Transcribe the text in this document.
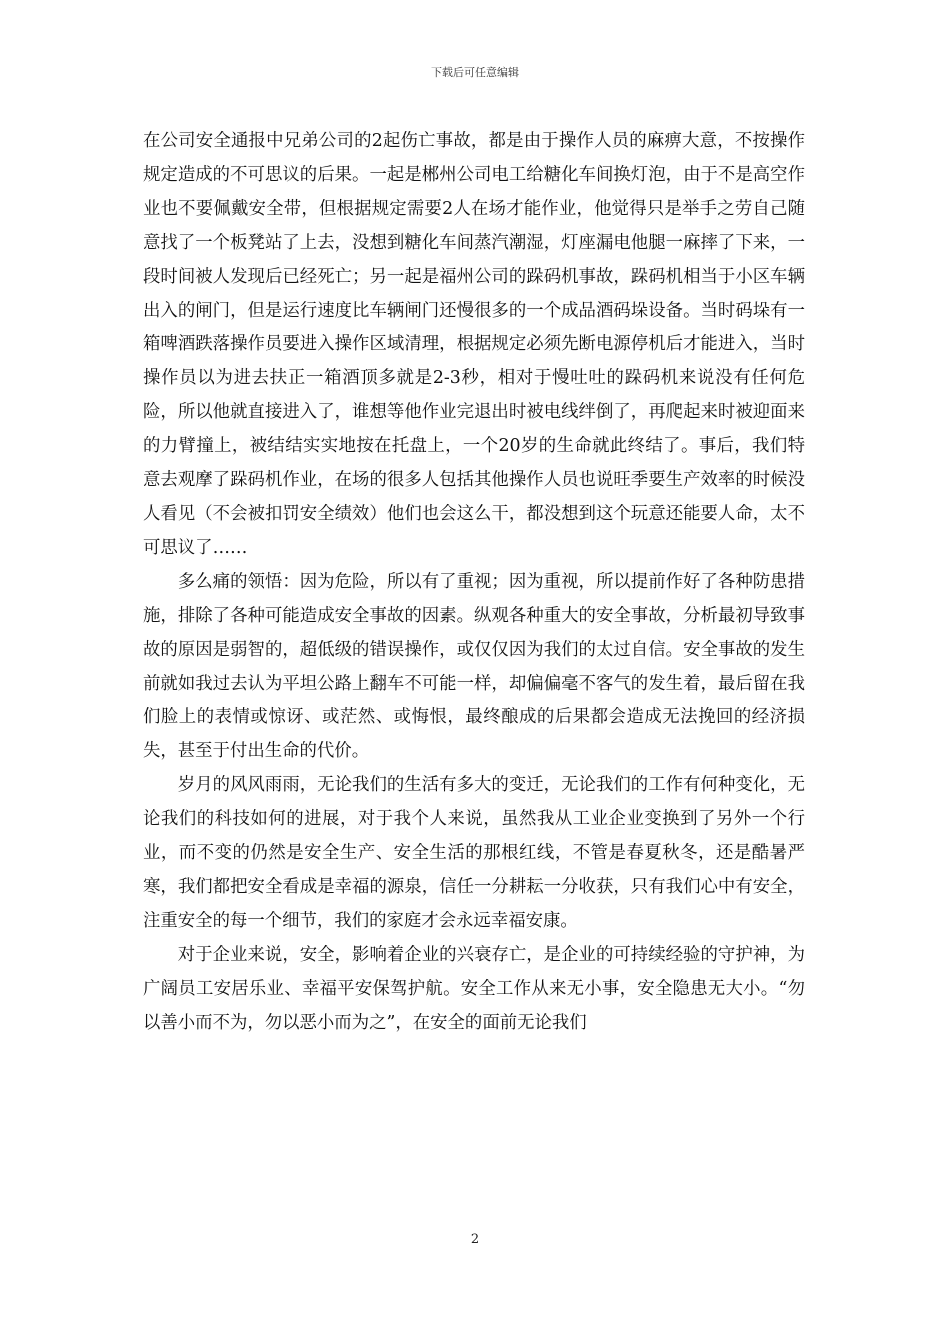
下载后可任意编辑

在公司安全通报中兄弟公司的2起伤亡事故，都是由于操作人员的麻痹大意，不按操作规定造成的不可思议的后果。一起是郴州公司电工给糖化车间换灯泡，由于不是高空作业也不要佩戴安全带，但根据规定需要2人在场才能作业，他觉得只是举手之劳自己随意找了一个板凳站了上去，没想到糖化车间蒸汽潮湿，灯座漏电他腿一麻摔了下来，一段时间被人发现后已经死亡；另一起是福州公司的跺码机事故，跺码机相当于小区车辆出入的闸门，但是运行速度比车辆闸门还慢很多的一个成品酒码垛设备。当时码垛有一箱啤酒跌落操作员要进入操作区域清理，根据规定必须先断电源停机后才能进入，当时操作员以为进去扶正一箱酒顶多就是2-3秒，相对于慢吐吐的跺码机来说没有任何危险，所以他就直接进入了，谁想等他作业完退出时被电线绊倒了，再爬起来时被迎面来的力臂撞上，被结结实实地按在托盘上，一个20岁的生命就此终结了。事后，我们特意去观摩了跺码机作业，在场的很多人包括其他操作人员也说旺季要生产效率的时候没人看见（不会被扣罚安全绩效）他们也会这么干，都没想到这个玩意还能要人命，太不可思议了……

多么痛的领悟：因为危险，所以有了重视；因为重视，所以提前作好了各种防患措施，排除了各种可能造成安全事故的因素。纵观各种重大的安全事故，分析最初导致事故的原因是弱智的，超低级的错误操作，或仅仅因为我们的太过自信。安全事故的发生前就如我过去认为平坦公路上翻车不可能一样，却偏偏毫不客气的发生着，最后留在我们脸上的表情或惊讶、或茫然、或悔恨，最终酿成的后果都会造成无法挽回的经济损失，甚至于付出生命的代价。

岁月的风风雨雨，无论我们的生活有多大的变迁，无论我们的工作有何种变化，无论我们的科技如何的进展，对于我个人来说，虽然我从工业企业变换到了另外一个行业，而不变的仍然是安全生产、安全生活的那根红线，不管是春夏秋冬，还是酷暑严寒，我们都把安全看成是幸福的源泉，信任一分耕耘一分收获，只有我们心中有安全，注重安全的每一个细节，我们的家庭才会永远幸福安康。

对于企业来说，安全，影响着企业的兴衰存亡，是企业的可持续经验的守护神，为广阔员工安居乐业、幸福平安保驾护航。安全工作从来无小事，安全隐患无大小。“勿以善小而不为，勿以恶小而为之”，在安全的面前无论我们

2
